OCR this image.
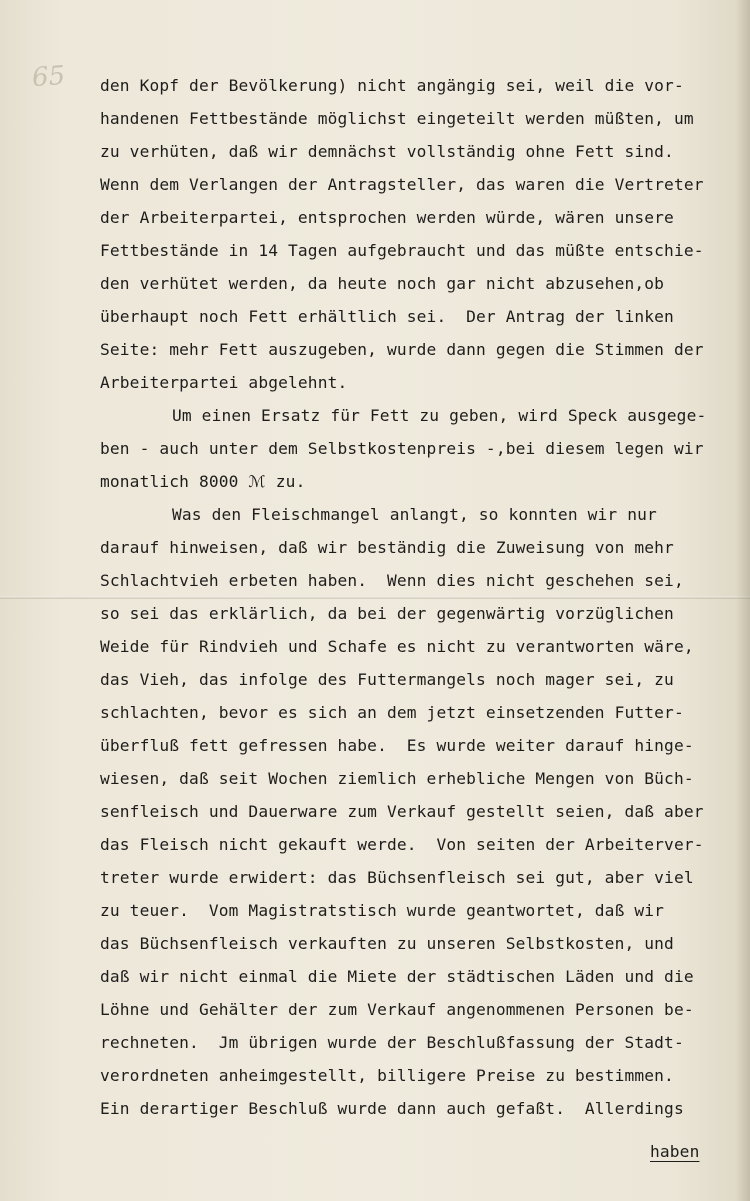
65 den Kopf der Bevölkerung) nicht angängig sei, weil die vor-
handenen Fettbestände möglichst eingeteilt werden müßten, um
zu verhüten, daß wir demnächst vollständig ohne Fett sind.
Wenn dem Verlangen der Antragsteller, das waren die Vertreter
der Arbeiterpartei, entsprochen werden würde, wären unsere
Fettbestände in 14 Tagen aufgebraucht und das müßte entschie-
den verhütet werden, da heute noch gar nicht abzusehen,ob
überhaupt noch Fett erhältlich sei.  Der Antrag der linken
Seite: mehr Fett auszugeben, wurde dann gegen die Stimmen der
Arbeiterpartei abgelehnt.
Um einen Ersatz für Fett zu geben, wird Speck ausgege-
ben - auch unter dem Selbstkostenpreis -,bei diesem legen wir
monatlich 8000 ℳ zu.
Was den Fleischmangel anlangt, so konnten wir nur
darauf hinweisen, daß wir beständig die Zuweisung von mehr
Schlachtvieh erbeten haben.  Wenn dies nicht geschehen sei,
so sei das erklärlich, da bei der gegenwärtig vorzüglichen
Weide für Rindvieh und Schafe es nicht zu verantworten wäre,
das Vieh, das infolge des Futtermangels noch mager sei, zu
schlachten, bevor es sich an dem jetzt einsetzenden Futter-
überfluß fett gefressen habe.  Es wurde weiter darauf hinge-
wiesen, daß seit Wochen ziemlich erhebliche Mengen von Büch-
senfleisch und Dauerware zum Verkauf gestellt seien, daß aber
das Fleisch nicht gekauft werde.  Von seiten der Arbeiterver-
treter wurde erwidert: das Büchsenfleisch sei gut, aber viel
zu teuer.  Vom Magistratstisch wurde geantwortet, daß wir
das Büchsenfleisch verkauften zu unseren Selbstkosten, und
daß wir nicht einmal die Miete der städtischen Läden und die
Löhne und Gehälter der zum Verkauf angenommenen Personen be-
rechneten.  Jm übrigen wurde der Beschlußfassung der Stadt-
verordneten anheimgestellt, billigere Preise zu bestimmen.
Ein derartiger Beschluß wurde dann auch gefaßt.  Allerdings
haben
